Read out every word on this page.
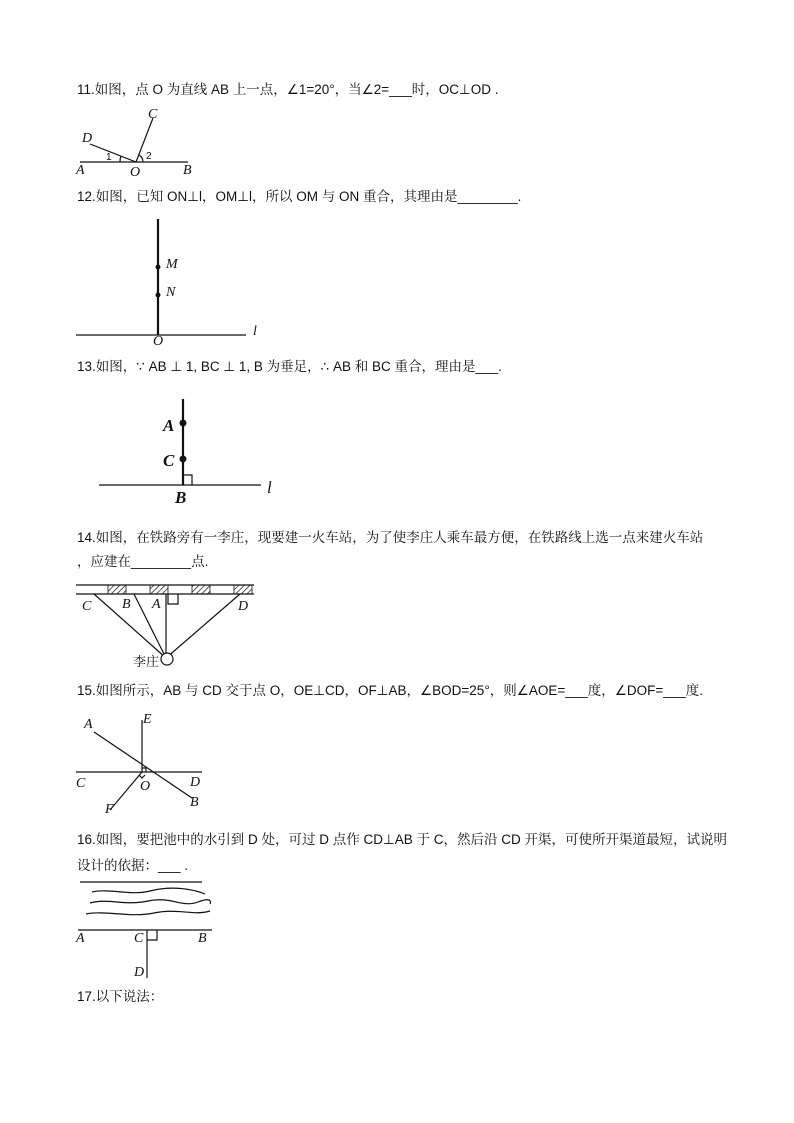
11.如图，点 O 为直线 AB 上一点，∠1=20°，当∠2=___时，OC⊥OD .
C
D
A	O	B
1	2
12.如图，已知 ON⊥l，OM⊥l，所以 OM 与 ON 重合，其理由是________.
M
N
O
l
13.如图，∵ AB ⊥ 1, BC ⊥ 1, B 为垂足，∴ AB 和 BC 重合，理由是___.
A
C
B
l
14.如图，在铁路旁有一李庄，现要建一火车站，为了使李庄人乘车最方便，在铁路线上选一点来建火车站
，应建在________点.
C B A	D
李庄
15.如图所示，AB 与 CD 交于点 O，OE⊥CD，OF⊥AB，∠BOD=25°，则∠AOE=___度，∠DOF=___度.
A	E
C	D
O
F	B
16.如图，要把池中的水引到 D 处，可过 D 点作 CD⊥AB 于 C，然后沿 CD 开渠，可使所开渠道最短，试说明
设计的依据：___ .
A	C	B
D
17.以下说法：
